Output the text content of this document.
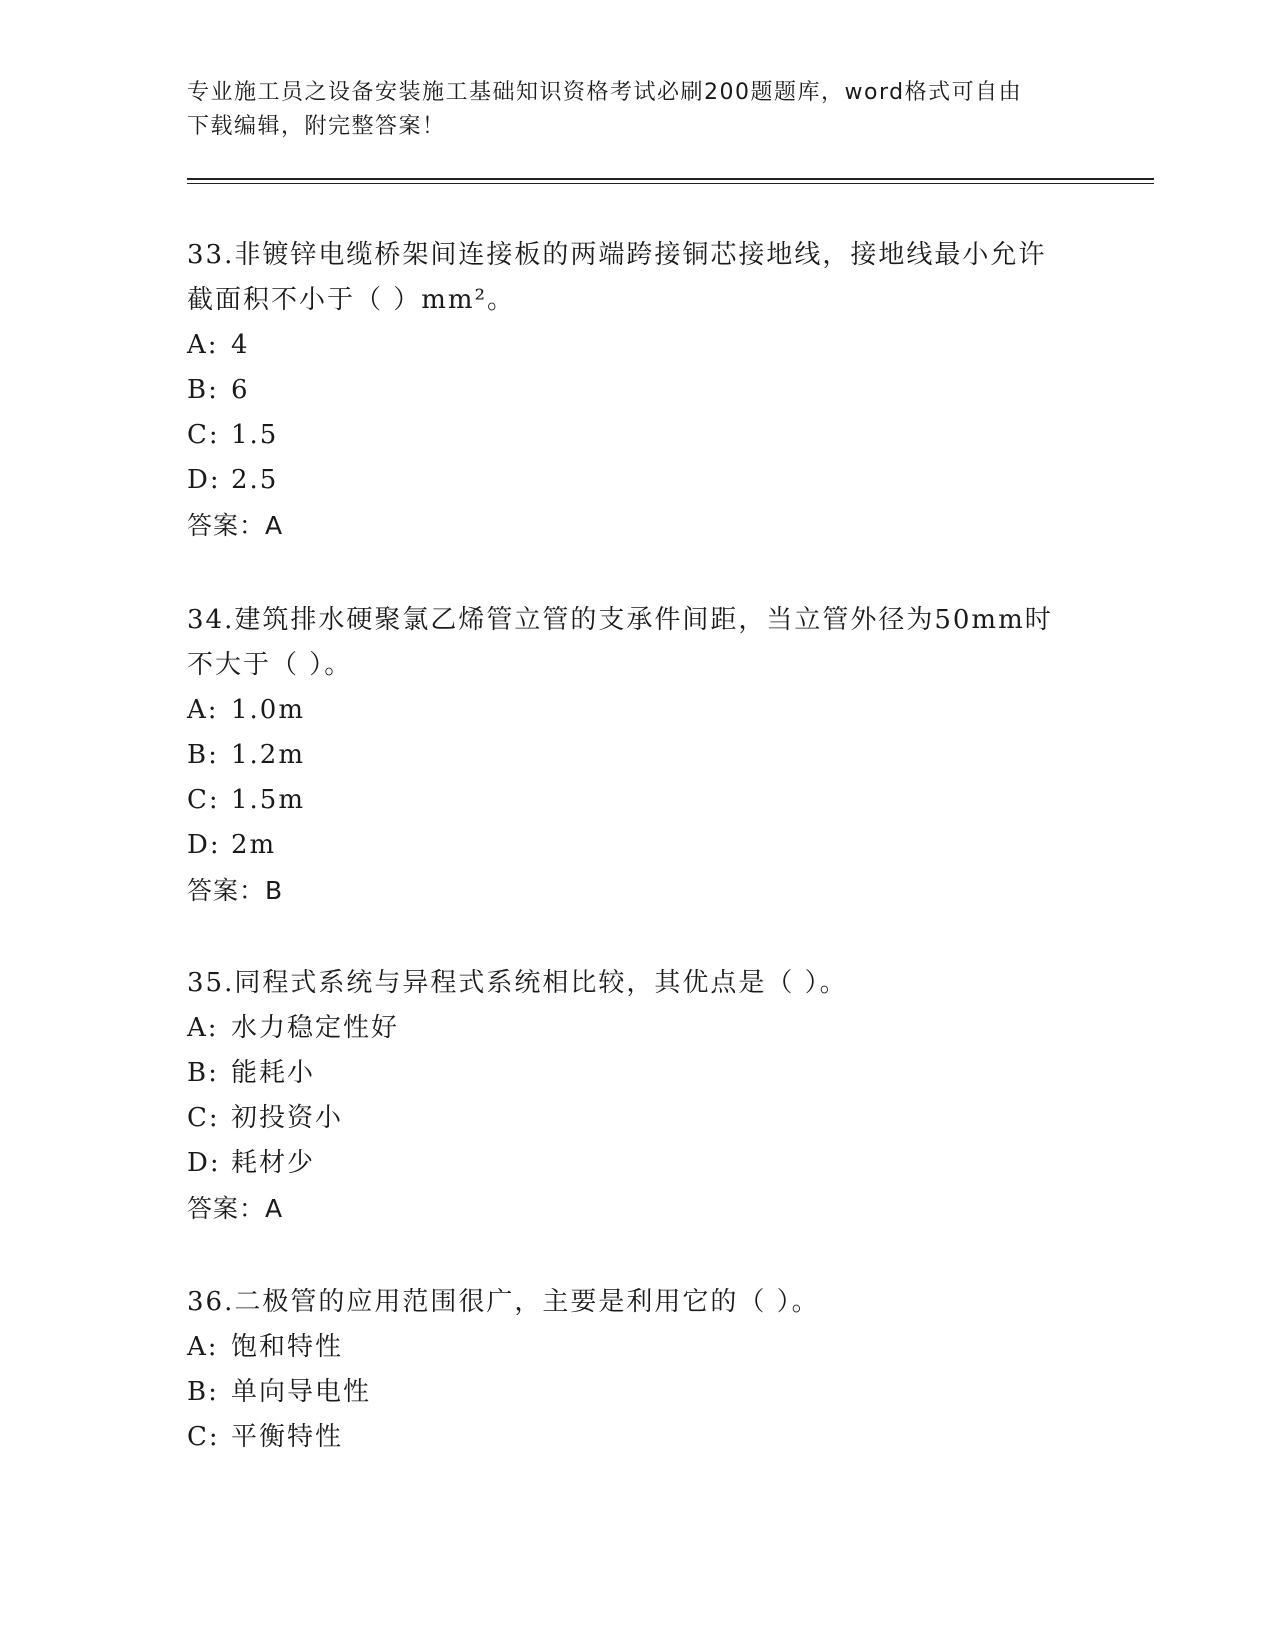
专业施工员之设备安装施工基础知识资格考试必刷200题题库，word格式可自由
下载编辑，附完整答案！

33.非镀锌电缆桥架间连接板的两端跨接铜芯接地线，接地线最小允许

截面积不小于（ ）mm²。

A: 4

B: 6

C: 1.5

D: 2.5

答案：A

34.建筑排水硬聚氯乙烯管立管的支承件间距，当立管外径为50mm时

不大于（ ）。

A: 1.0m

B: 1.2m

C: 1.5m

D: 2m

答案：B

35.同程式系统与异程式系统相比较，其优点是（ ）。

A: 水力稳定性好

B: 能耗小

C: 初投资小

D: 耗材少

答案：A

36.二极管的应用范围很广，主要是利用它的（ ）。

A: 饱和特性

B: 单向导电性

C: 平衡特性
